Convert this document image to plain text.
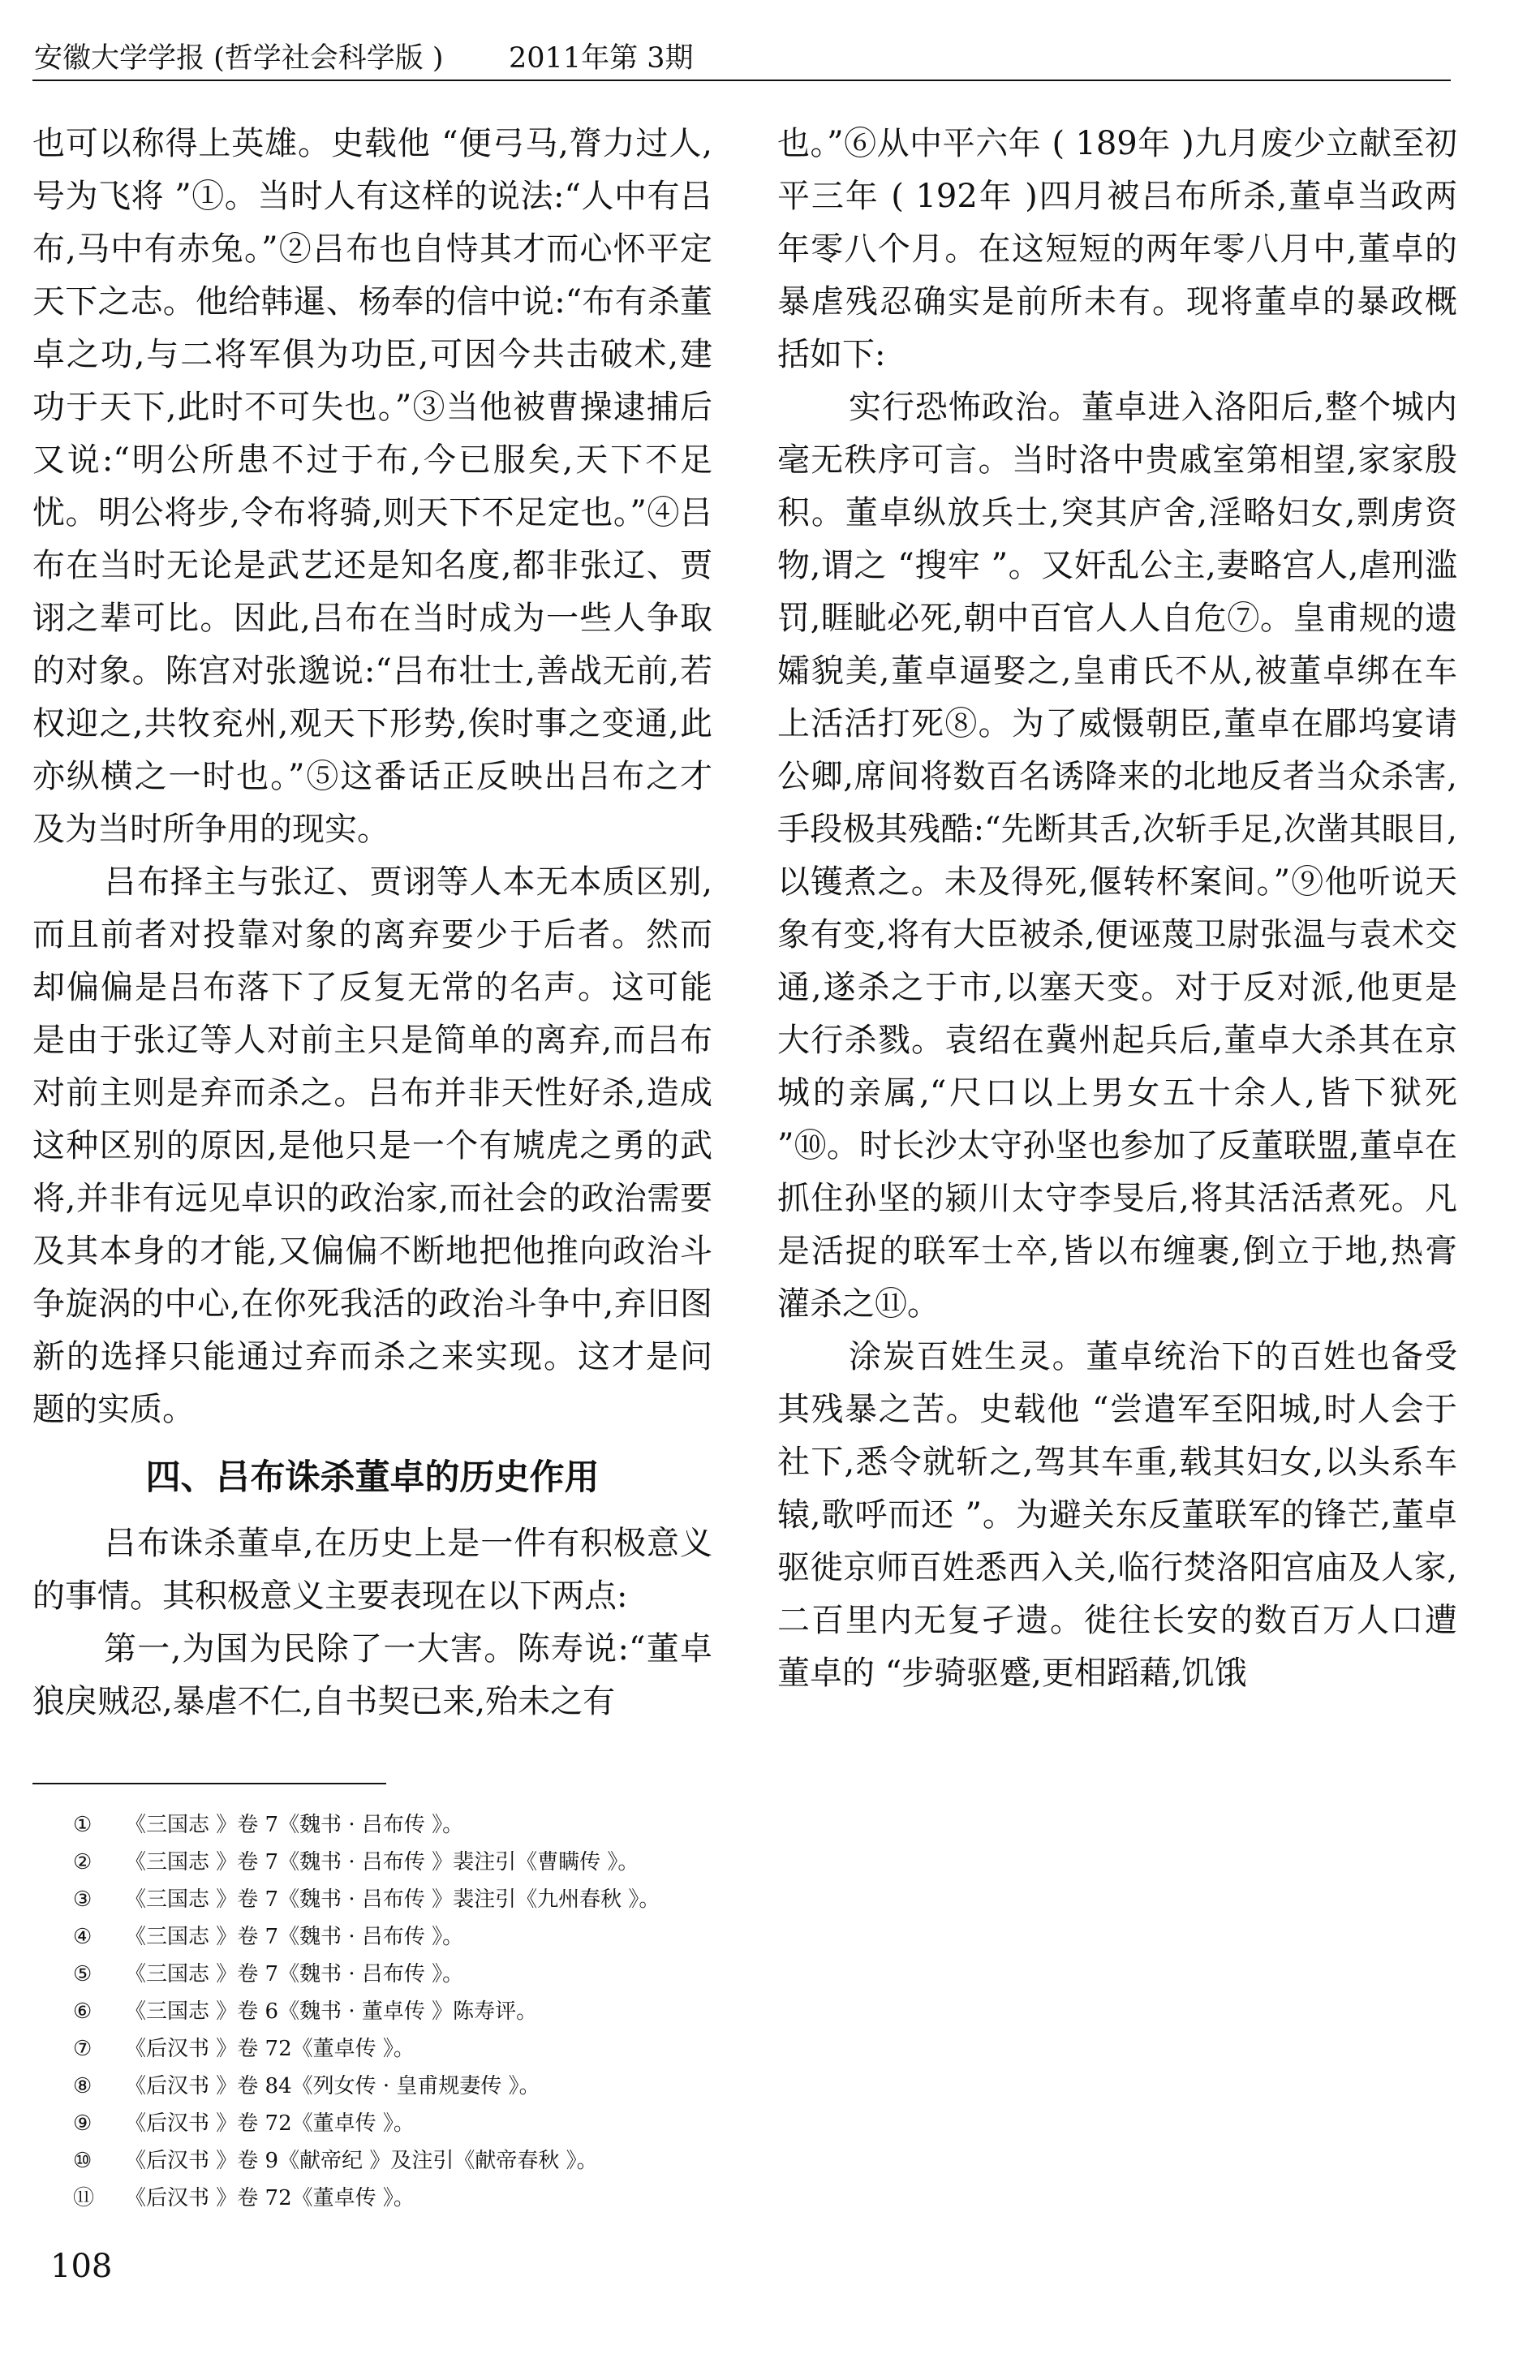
安徽大学学报 (哲学社会科学版 ) 2011年第 3期

也可以称得上英雄。史载他 “便弓马,膂力过人,号为飞将 ”①。当时人有这样的说法:“人中有吕布,马中有赤兔。”②吕布也自恃其才而心怀平定天下之志。他给韩暹、杨奉的信中说:“布有杀董卓之功,与二将军俱为功臣,可因今共击破术,建功于天下,此时不可失也。”③当他被曹操逮捕后又说:“明公所患不过于布,今已服矣,天下不足忧。明公将步,令布将骑,则天下不足定也。”④吕布在当时无论是武艺还是知名度,都非张辽、贾诩之辈可比。因此,吕布在当时成为一些人争取的对象。陈宫对张邈说:“吕布壮士,善战无前,若权迎之,共牧兖州,观天下形势,俟时事之变通,此亦纵横之一时也。”⑤这番话正反映出吕布之才及为当时所争用的现实。

吕布择主与张辽、贾诩等人本无本质区别,而且前者对投靠对象的离弃要少于后者。然而却偏偏是吕布落下了反复无常的名声。这可能是由于张辽等人对前主只是简单的离弃,而吕布对前主则是弃而杀之。吕布并非天性好杀,造成这种区别的原因,是他只是一个有虓虎之勇的武将,并非有远见卓识的政治家,而社会的政治需要及其本身的才能,又偏偏不断地把他推向政治斗争旋涡的中心,在你死我活的政治斗争中,弃旧图新的选择只能通过弃而杀之来实现。这才是问题的实质。

四、吕布诛杀董卓的历史作用

吕布诛杀董卓,在历史上是一件有积极意义的事情。其积极意义主要表现在以下两点:

第一,为国为民除了一大害。陈寿说:“董卓狼戾贼忍,暴虐不仁,自书契已来,殆未之有

也。”⑥从中平六年 ( 189年 )九月废少立献至初平三年 ( 192年 )四月被吕布所杀,董卓当政两年零八个月。在这短短的两年零八月中,董卓的暴虐残忍确实是前所未有。现将董卓的暴政概括如下:

实行恐怖政治。董卓进入洛阳后,整个城内毫无秩序可言。当时洛中贵戚室第相望,家家殷积。董卓纵放兵士,突其庐舍,淫略妇女,剽虏资物,谓之 “搜牢 ”。又奸乱公主,妻略宫人,虐刑滥罚,睚眦必死,朝中百官人人自危⑦。皇甫规的遗孀貌美,董卓逼娶之,皇甫氏不从,被董卓绑在车上活活打死⑧。为了威慑朝臣,董卓在郿坞宴请公卿,席间将数百名诱降来的北地反者当众杀害,手段极其残酷:“先断其舌,次斩手足,次凿其眼目,以镬煮之。未及得死,偃转杯案间。”⑨他听说天象有变,将有大臣被杀,便诬蔑卫尉张温与袁术交通,遂杀之于市,以塞天变。对于反对派,他更是大行杀戮。袁绍在冀州起兵后,董卓大杀其在京城的亲属,“尺口以上男女五十余人,皆下狱死 ”⑩。时长沙太守孙坚也参加了反董联盟,董卓在抓住孙坚的颍川太守李旻后,将其活活煮死。凡是活捉的联军士卒,皆以布缠裹,倒立于地,热膏灌杀之⑪。

涂炭百姓生灵。董卓统治下的百姓也备受其残暴之苦。史载他 “尝遣军至阳城,时人会于社下,悉令就斩之,驾其车重,载其妇女,以头系车辕,歌呼而还 ”。为避关东反董联军的锋芒,董卓驱徙京师百姓悉西入关,临行焚洛阳宫庙及人家,二百里内无复孑遗。徙往长安的数百万人口遭董卓的 “步骑驱蹙,更相蹈藉,饥饿

① 《三国志 》卷 7《魏书 · 吕布传 》。
② 《三国志 》卷 7《魏书 · 吕布传 》裴注引《曹瞒传 》。
③ 《三国志 》卷 7《魏书 · 吕布传 》裴注引《九州春秋 》。
④ 《三国志 》卷 7《魏书 · 吕布传 》。
⑤ 《三国志 》卷 7《魏书 · 吕布传 》。
⑥ 《三国志 》卷 6《魏书 · 董卓传 》陈寿评。
⑦ 《后汉书 》卷 72《董卓传 》。
⑧ 《后汉书 》卷 84《列女传 · 皇甫规妻传 》。
⑨ 《后汉书 》卷 72《董卓传 》。
⑩ 《后汉书 》卷 9《献帝纪 》及注引《献帝春秋 》。
⑪ 《后汉书 》卷 72《董卓传 》。
108
